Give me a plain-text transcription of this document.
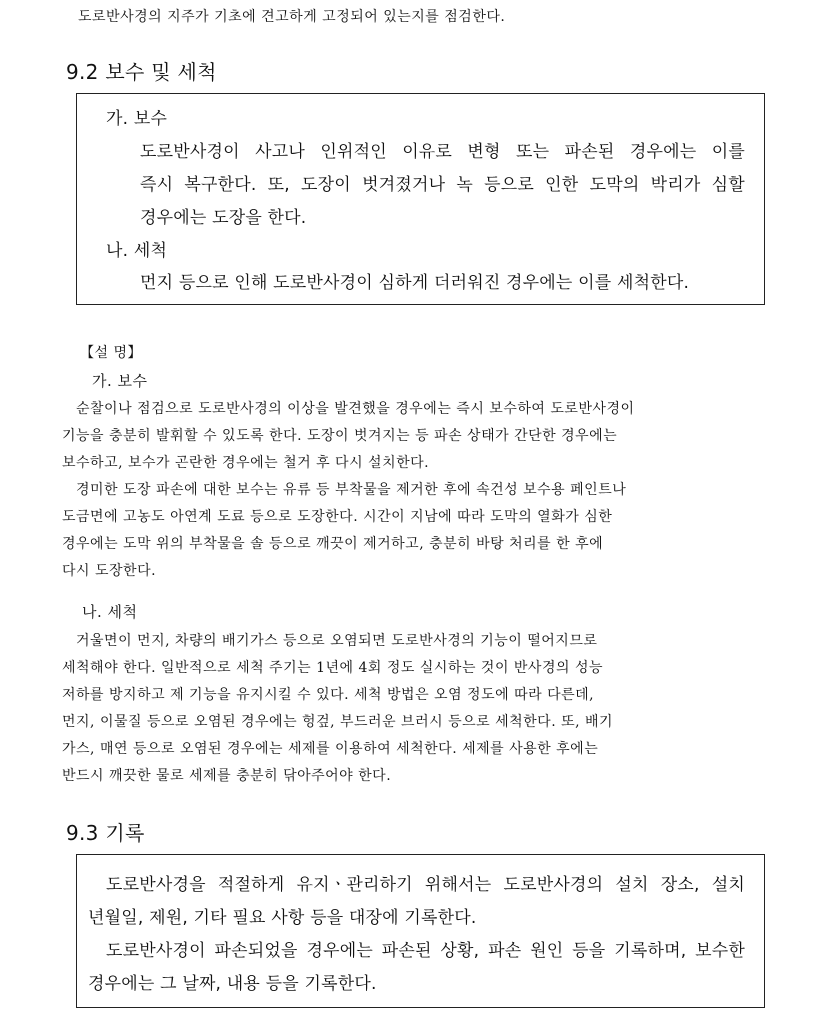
도로반사경의 지주가 기초에 견고하게 고정되어 있는지를 점검한다.
9.2 보수 및 세척
가. 보수
도로반사경이 사고나 인위적인 이유로 변형 또는 파손된 경우에는 이를
즉시 복구한다. 또, 도장이 벗겨졌거나 녹 등으로 인한 도막의 박리가 심할
경우에는 도장을 한다.
나. 세척
먼지 등으로 인해 도로반사경이 심하게 더러워진 경우에는 이를 세척한다.
【설 명】
가. 보수
순찰이나 점검으로 도로반사경의 이상을 발견했을 경우에는 즉시 보수하여 도로반사경이
기능을 충분히 발휘할 수 있도록 한다. 도장이 벗겨지는 등 파손 상태가 간단한 경우에는
보수하고, 보수가 곤란한 경우에는 철거 후 다시 설치한다.
경미한 도장 파손에 대한 보수는 유류 등 부착물을 제거한 후에 속건성 보수용 페인트나
도금면에 고농도 아연계 도료 등으로 도장한다. 시간이 지남에 따라 도막의 열화가 심한
경우에는 도막 위의 부착물을 솔 등으로 깨끗이 제거하고, 충분히 바탕 처리를 한 후에
다시 도장한다.
나. 세척
거울면이 먼지, 차량의 배기가스 등으로 오염되면 도로반사경의 기능이 떨어지므로
세척해야 한다. 일반적으로 세척 주기는 1년에 4회 정도 실시하는 것이 반사경의 성능
저하를 방지하고 제 기능을 유지시킬 수 있다. 세척 방법은 오염 정도에 따라 다른데,
먼지, 이물질 등으로 오염된 경우에는 헝겊, 부드러운 브러시 등으로 세척한다. 또, 배기
가스, 매연 등으로 오염된 경우에는 세제를 이용하여 세척한다. 세제를 사용한 후에는
반드시 깨끗한 물로 세제를 충분히 닦아주어야 한다.
9.3 기록
도로반사경을 적절하게 유지ㆍ관리하기 위해서는 도로반사경의 설치 장소, 설치
년월일, 제원, 기타 필요 사항 등을 대장에 기록한다.
도로반사경이 파손되었을 경우에는 파손된 상황, 파손 원인 등을 기록하며, 보수한
경우에는 그 날짜, 내용 등을 기록한다.
